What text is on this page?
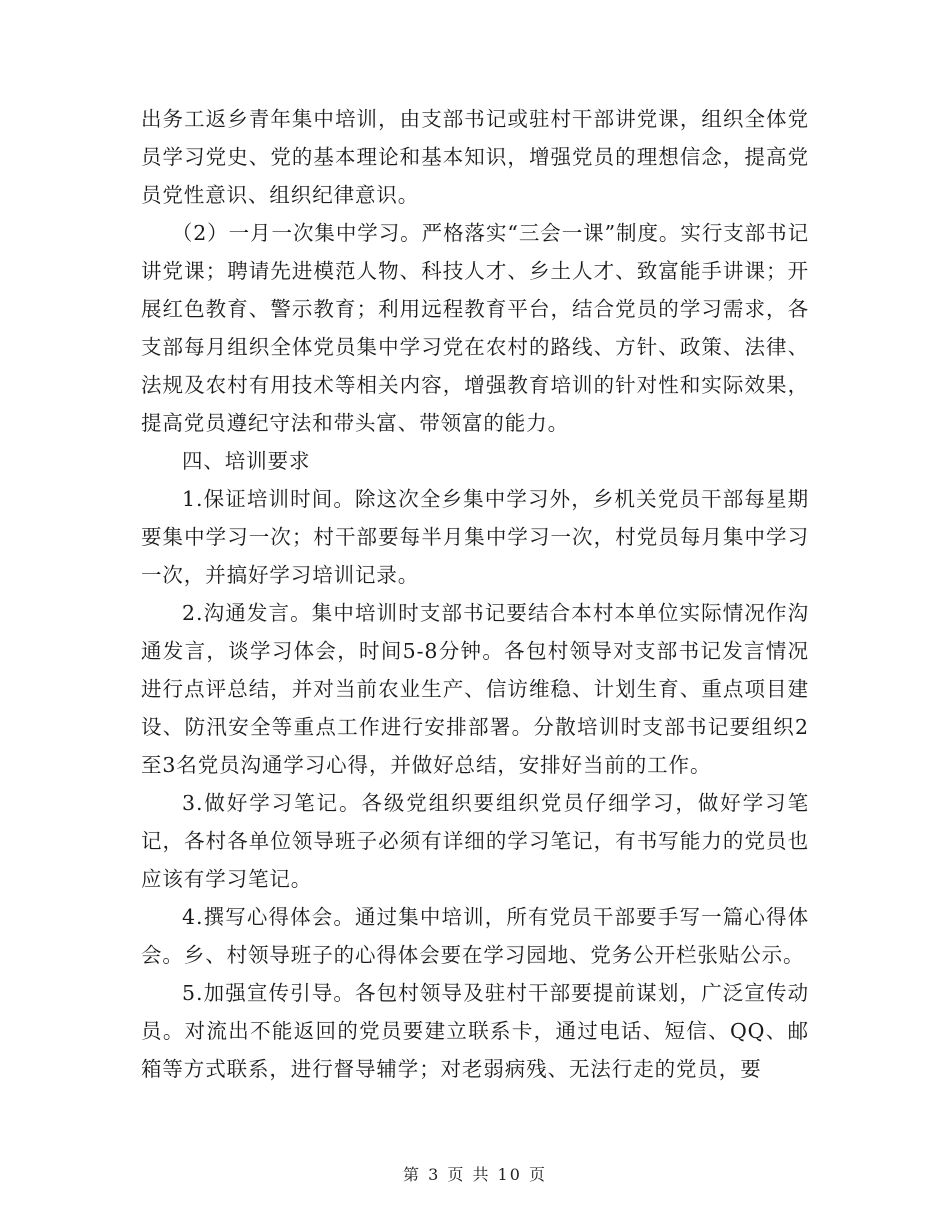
出务工返乡青年集中培训，由支部书记或驻村干部讲党课，组织全体党员学习党史、党的基本理论和基本知识，增强党员的理想信念，提高党员党性意识、组织纪律意识。

（2）一月一次集中学习。严格落实“三会一课”制度。实行支部书记讲党课；聘请先进模范人物、科技人才、乡土人才、致富能手讲课；开展红色教育、警示教育；利用远程教育平台，结合党员的学习需求，各支部每月组织全体党员集中学习党在农村的路线、方针、政策、法律、法规及农村有用技术等相关内容，增强教育培训的针对性和实际效果，提高党员遵纪守法和带头富、带领富的能力。

四、培训要求

1.保证培训时间。除这次全乡集中学习外，乡机关党员干部每星期要集中学习一次；村干部要每半月集中学习一次，村党员每月集中学习一次，并搞好学习培训记录。

2.沟通发言。集中培训时支部书记要结合本村本单位实际情况作沟通发言，谈学习体会，时间5-8分钟。各包村领导对支部书记发言情况进行点评总结，并对当前农业生产、信访维稳、计划生育、重点项目建设、防汛安全等重点工作进行安排部署。分散培训时支部书记要组织2至3名党员沟通学习心得，并做好总结，安排好当前的工作。

3.做好学习笔记。各级党组织要组织党员仔细学习，做好学习笔记，各村各单位领导班子必须有详细的学习笔记，有书写能力的党员也应该有学习笔记。

4.撰写心得体会。通过集中培训，所有党员干部要手写一篇心得体会。乡、村领导班子的心得体会要在学习园地、党务公开栏张贴公示。

5.加强宣传引导。各包村领导及驻村干部要提前谋划，广泛宣传动员。对流出不能返回的党员要建立联系卡，通过电话、短信、QQ、邮箱等方式联系，进行督导辅学；对老弱病残、无法行走的党员，要

第 3 页 共 10 页
